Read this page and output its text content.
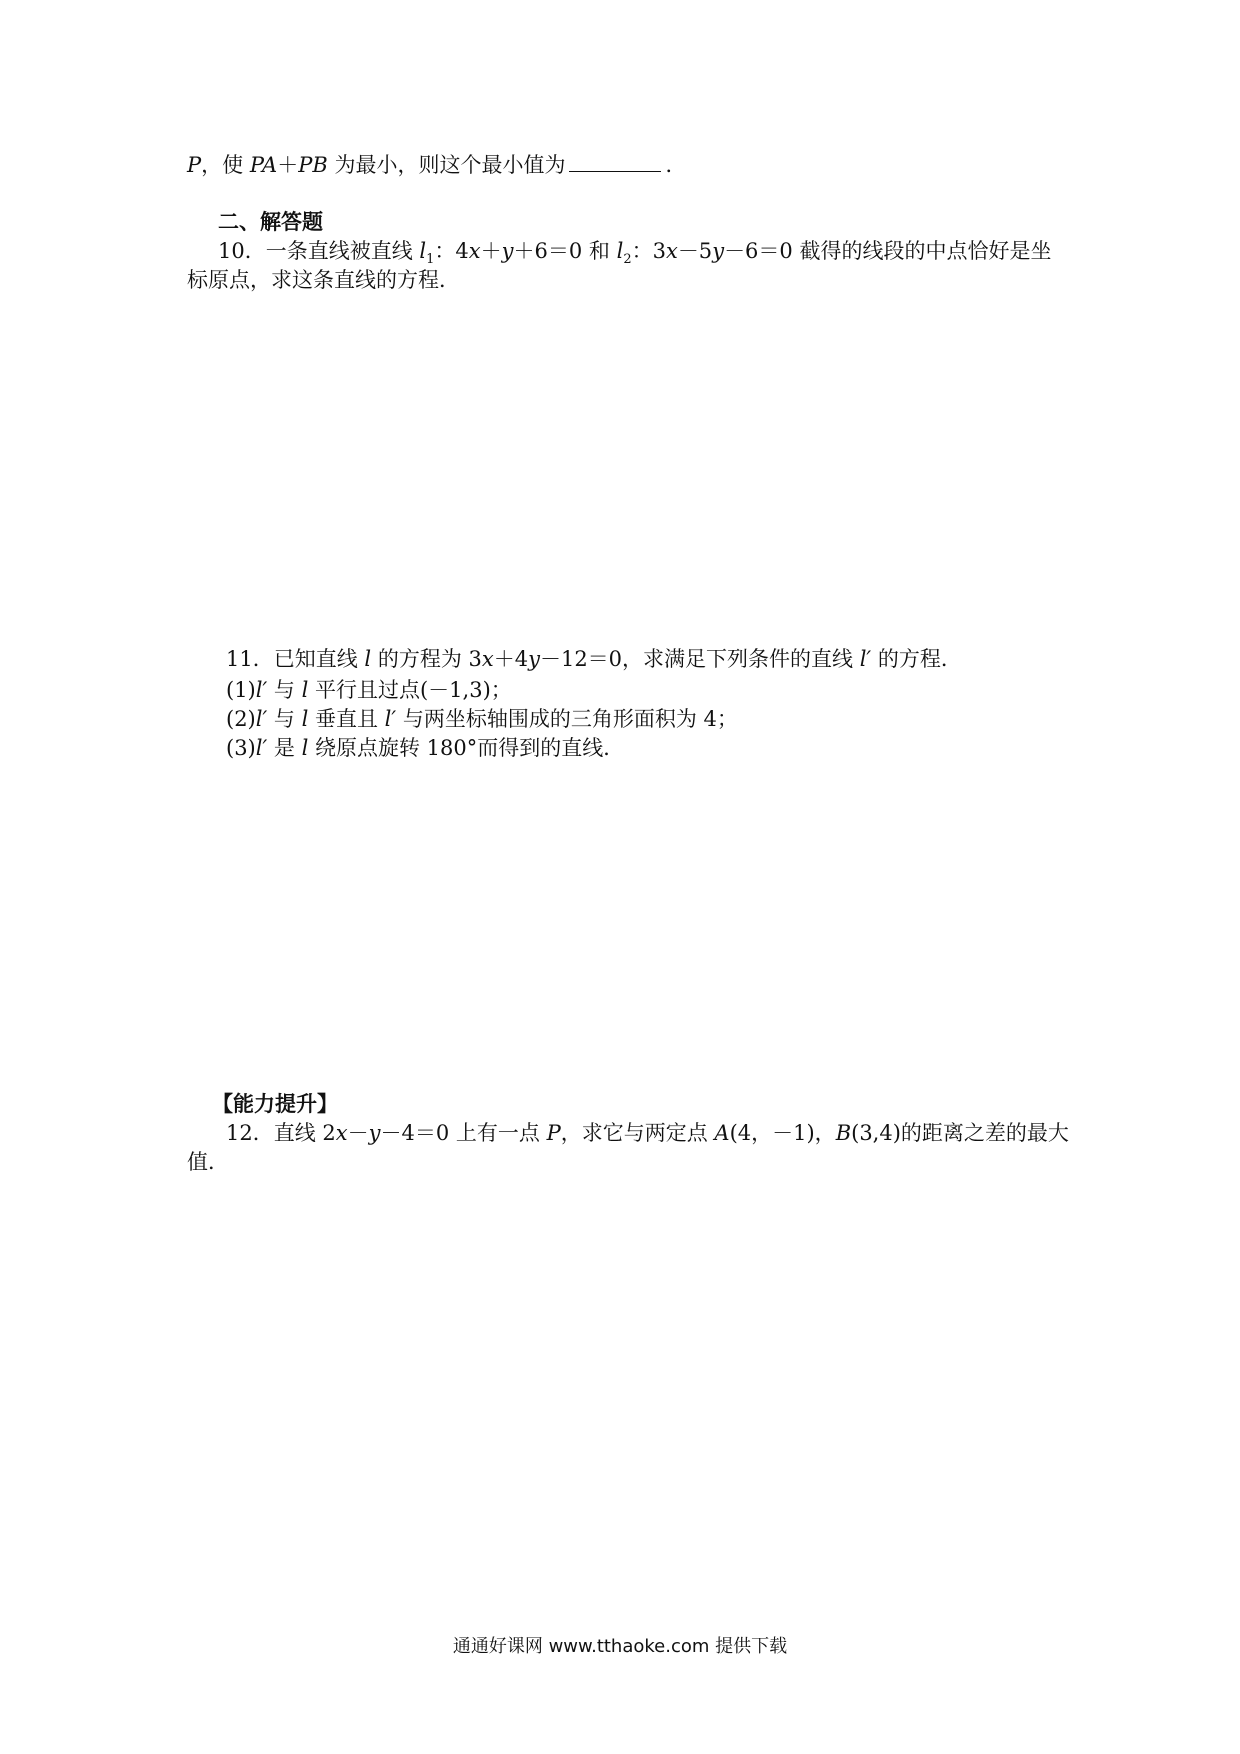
P，使 PA＋PB 为最小，则这个最小值为	．
二、解答题
10．一条直线被直线 $l_1$：4x＋y＋6＝0 和 $l_2$：3x－5y－6＝0 截得的线段的中点恰好是坐
标原点，求这条直线的方程．
11．已知直线 l 的方程为 3x＋4y－12＝0，求满足下列条件的直线 l′ 的方程．
(1)l′ 与 l 平行且过点(－1,3)；
(2)l′ 与 l 垂直且 l′ 与两坐标轴围成的三角形面积为 4；
(3)l′ 是 l 绕原点旋转 180°而得到的直线．
【能力提升】
12．直线 2x－y－4＝0 上有一点 P，求它与两定点 A(4，－1)，B(3,4)的距离之差的最大
值．
通通好课网 www.tthaoke.com 提供下载
